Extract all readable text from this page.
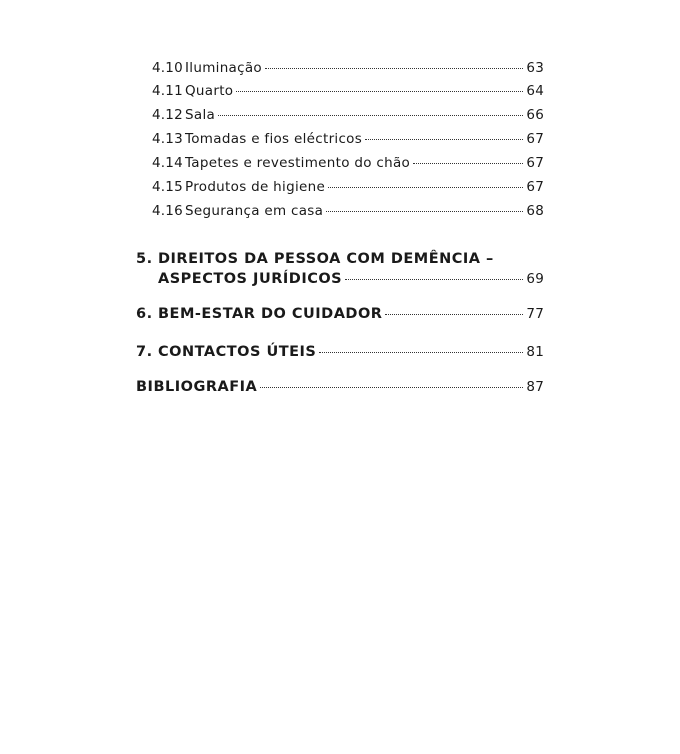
4.10 Iluminação	63
4.11 Quarto	64
4.12 Sala	66
4.13 Tomadas e fios eléctricos	67
4.14 Tapetes e revestimento do chão	67
4.15 Produtos de higiene	67
4.16 Segurança em casa	68
5. DIREITOS DA PESSOA COM DEMÊNCIA –
ASPECTOS JURÍDICOS	69
6. BEM-ESTAR DO CUIDADOR	77
7. CONTACTOS ÚTEIS	81
BIBLIOGRAFIA	87
